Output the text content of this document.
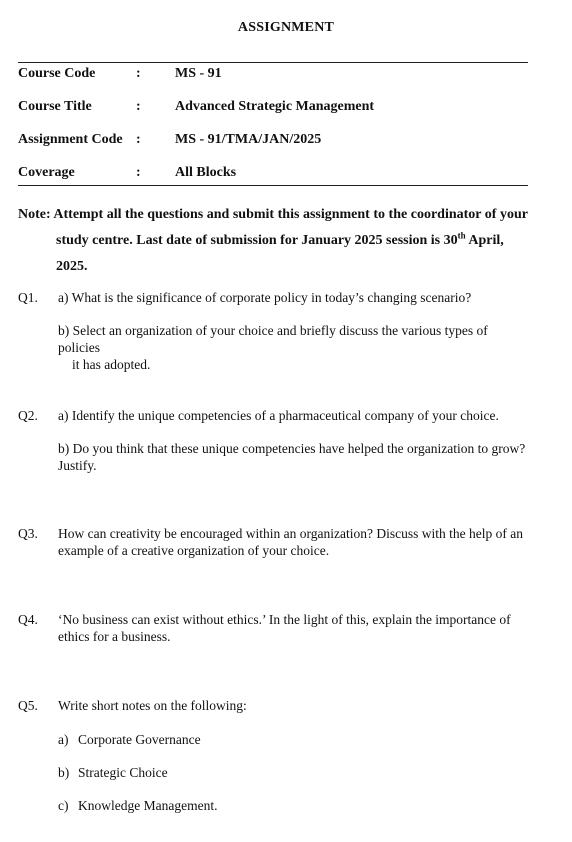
ASSIGNMENT
Course Code	: MS - 91
Course Title	: Advanced Strategic Management
Assignment Code : MS - 91/TMA/JAN/2025
Coverage	: All Blocks
Note: Attempt all the questions and submit this assignment to the coordinator of your
study centre. Last date of submission for January 2025 session is 30th April, 2025.
Q1. a) What is the significance of corporate policy in today’s changing scenario?
b) Select an organization of your choice and briefly discuss the various types of policies
it has adopted.
Q2. a) Identify the unique competencies of a pharmaceutical company of your choice.
b) Do you think that these unique competencies have helped the organization to grow?
Justify.
Q3. How can creativity be encouraged within an organization? Discuss with the help of an
example of a creative organization of your choice.
Q4. ‘No business can exist without ethics.’ In the light of this, explain the importance of
ethics for a business.
Q5. Write short notes on the following:
a) Corporate Governance
b) Strategic Choice
c) Knowledge Management.
